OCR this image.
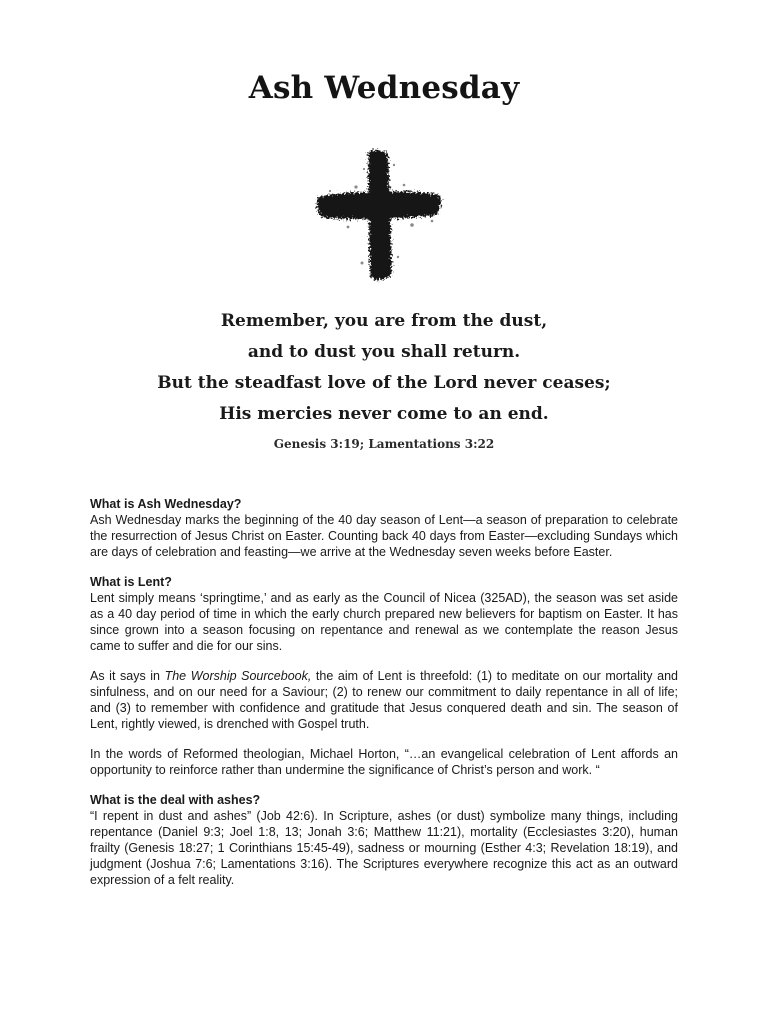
Ash Wednesday
Remember, you are from the dust,
and to dust you shall return.
But the steadfast love of the Lord never ceases;
His mercies never come to an end.
Genesis 3:19; Lamentations 3:22
What is Ash Wednesday?
Ash Wednesday marks the beginning of the 40 day season of Lent—a season of preparation to celebrate the resurrection of Jesus Christ on Easter. Counting back 40 days from Easter—excluding Sundays which are days of celebration and feasting—we arrive at the Wednesday seven weeks before Easter.

What is Lent?
Lent simply means ‘springtime,’ and as early as the Council of Nicea (325AD), the season was set aside as a 40 day period of time in which the early church prepared new believers for baptism on Easter. It has since grown into a season focusing on repentance and renewal as we contemplate the reason Jesus came to suffer and die for our sins.

As it says in The Worship Sourcebook, the aim of Lent is threefold: (1) to meditate on our mortality and sinfulness, and on our need for a Saviour; (2) to renew our commitment to daily repentance in all of life; and (3) to remember with confidence and gratitude that Jesus conquered death and sin. The season of Lent, rightly viewed, is drenched with Gospel truth.

In the words of Reformed theologian, Michael Horton, “…an evangelical celebration of Lent affords an opportunity to reinforce rather than undermine the significance of Christ’s person and work. “

What is the deal with ashes?
“I repent in dust and ashes” (Job 42:6). In Scripture, ashes (or dust) symbolize many things, including repentance (Daniel 9:3; Joel 1:8, 13; Jonah 3:6; Matthew 11:21), mortality (Ecclesiastes 3:20), human frailty (Genesis 18:27; 1 Corinthians 15:45-49), sadness or mourning (Esther 4:3; Revelation 18:19), and judgment (Joshua 7:6; Lamentations 3:16). The Scriptures everywhere recognize this act as an outward expression of a felt reality.
